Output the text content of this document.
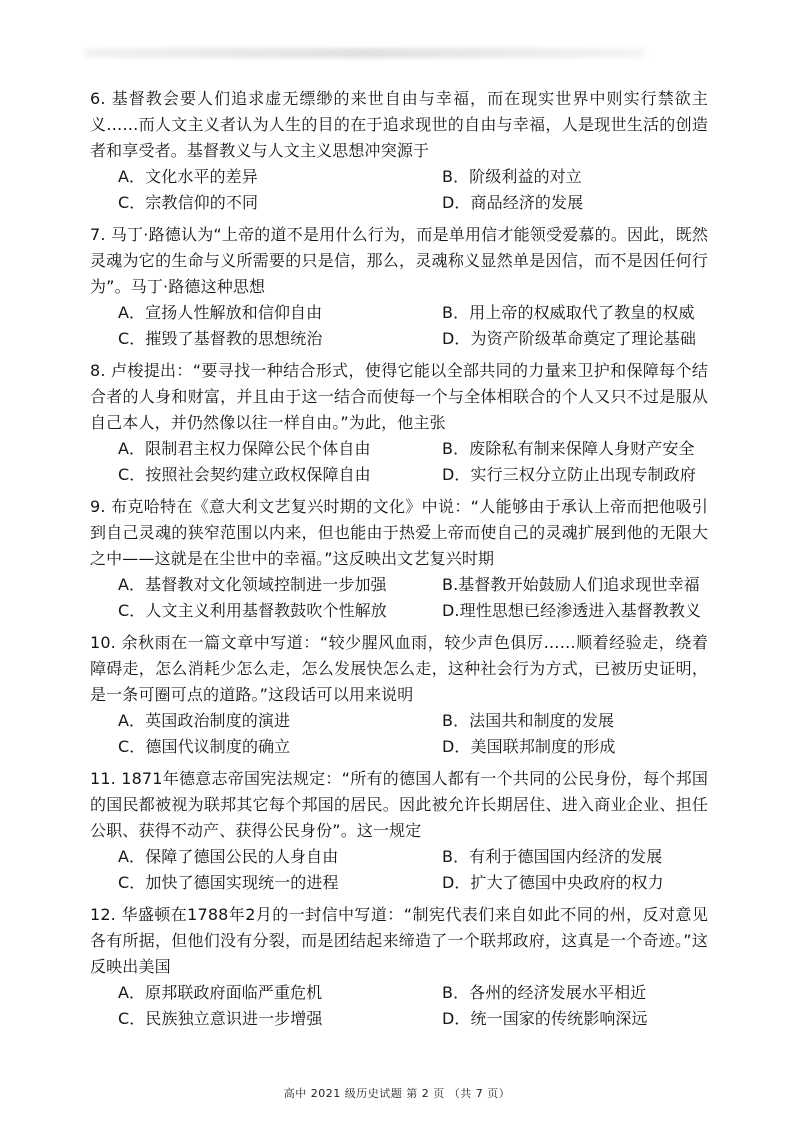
6. 基督教会要人们追求虚无缥缈的来世自由与幸福，而在现实世界中则实行禁欲主义……而人文主义者认为人生的目的在于追求现世的自由与幸福，人是现世生活的创造者和享受者。基督教义与人文主义思想冲突源于
A．文化水平的差异	B．阶级利益的对立
C．宗教信仰的不同	D．商品经济的发展
7. 马丁·路德认为“上帝的道不是用什么行为，而是单用信才能领受爱慕的。因此，既然灵魂为它的生命与义所需要的只是信，那么，灵魂称义显然单是因信，而不是因任何行为”。马丁·路德这种思想
A．宣扬人性解放和信仰自由	B．用上帝的权威取代了教皇的权威
C．摧毁了基督教的思想统治	D．为资产阶级革命奠定了理论基础
8. 卢梭提出：“要寻找一种结合形式，使得它能以全部共同的力量来卫护和保障每个结合者的人身和财富，并且由于这一结合而使每一个与全体相联合的个人又只不过是服从自己本人，并仍然像以往一样自由。”为此，他主张
A．限制君主权力保障公民个体自由	B．废除私有制来保障人身财产安全
C．按照社会契约建立政权保障自由	D．实行三权分立防止出现专制政府
9. 布克哈特在《意大利文艺复兴时期的文化》中说：“人能够由于承认上帝而把他吸引到自己灵魂的狭窄范围以内来，但也能由于热爱上帝而使自己的灵魂扩展到他的无限大之中——这就是在尘世中的幸福。”这反映出文艺复兴时期
A．基督教对文化领域控制进一步加强	B.基督教开始鼓励人们追求现世幸福
C．人文主义利用基督教鼓吹个性解放	D.理性思想已经渗透进入基督教教义
10. 余秋雨在一篇文章中写道：“较少腥风血雨，较少声色俱厉……顺着经验走，绕着障碍走，怎么消耗少怎么走，怎么发展快怎么走，这种社会行为方式，已被历史证明，是一条可圈可点的道路。”这段话可以用来说明
A．英国政治制度的演进	B．法国共和制度的发展
C．德国代议制度的确立	D．美国联邦制度的形成
11. 1871年德意志帝国宪法规定：“所有的德国人都有一个共同的公民身份，每个邦国的国民都被视为联邦其它每个邦国的居民。因此被允许长期居住、进入商业企业、担任公职、获得不动产、获得公民身份”。这一规定
A．保障了德国公民的人身自由	B．有利于德国国内经济的发展
C．加快了德国实现统一的进程	D．扩大了德国中央政府的权力
12. 华盛顿在1788年2月的一封信中写道：“制宪代表们来自如此不同的州，反对意见各有所据，但他们没有分裂，而是团结起来缔造了一个联邦政府，这真是一个奇迹。”这反映出美国
A．原邦联政府面临严重危机	B．各州的经济发展水平相近
C．民族独立意识进一步增强	D．统一国家的传统影响深远
高中 2021 级历史试题 第 2 页 （共 7 页）
